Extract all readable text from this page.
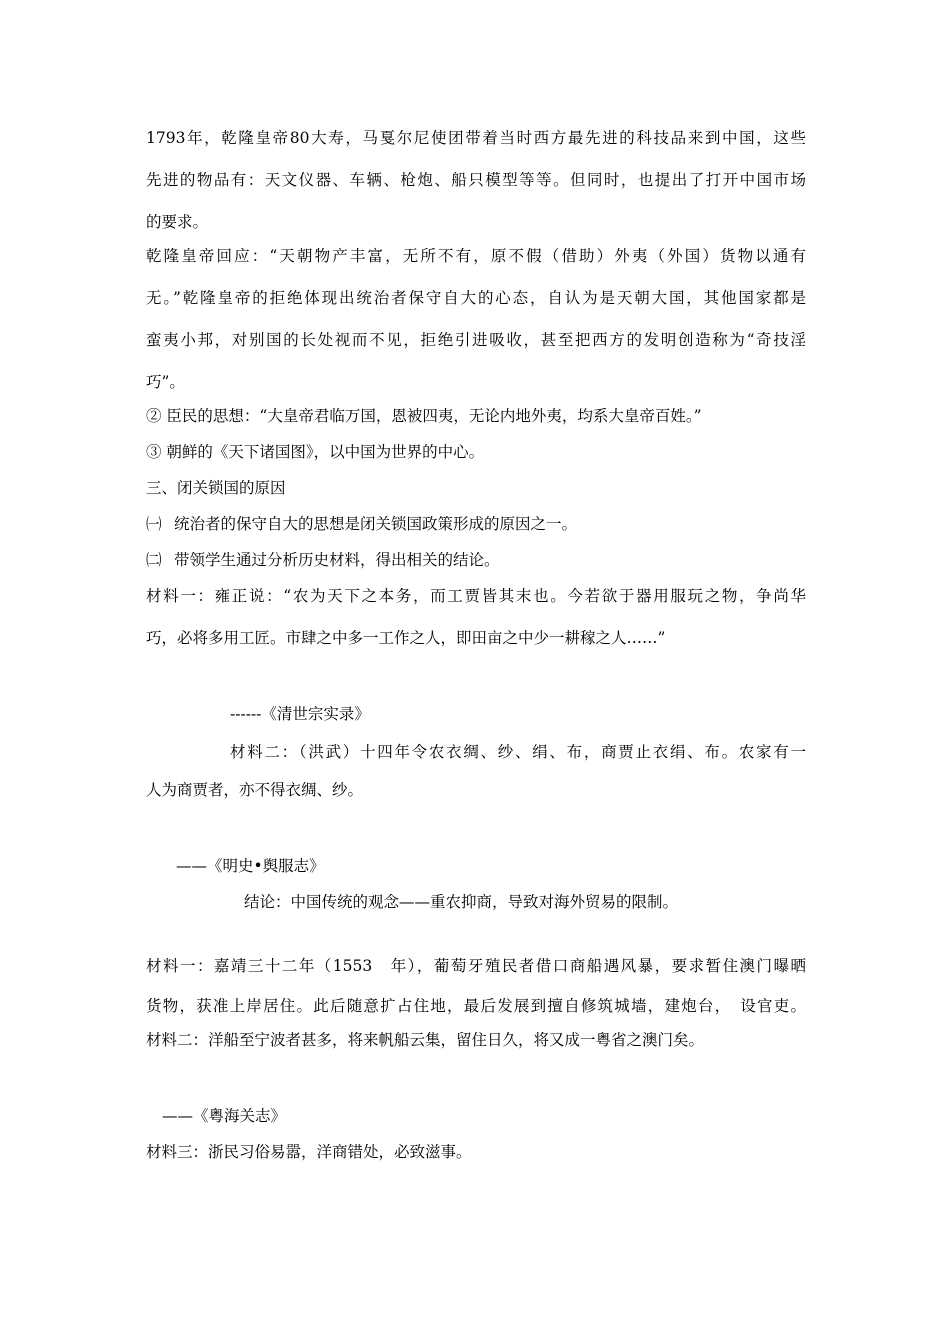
1793年，乾隆皇帝80大寿，马戛尔尼使团带着当时西方最先进的科技品来到中国，这些
先进的物品有：天文仪器、车辆、枪炮、船只模型等等。但同时，也提出了打开中国市场
的要求。
乾隆皇帝回应：“天朝物产丰富，无所不有，原不假（借助）外夷（外国）货物以通有
无。”乾隆皇帝的拒绝体现出统治者保守自大的心态，自认为是天朝大国，其他国家都是
蛮夷小邦，对别国的长处视而不见，拒绝引进吸收，甚至把西方的发明创造称为“奇技淫
巧”。
② 臣民的思想：“大皇帝君临万国，恩被四夷，无论内地外夷，均系大皇帝百姓。”
③ 朝鲜的《天下诸国图》，以中国为世界的中心。
三、闭关锁国的原因
㈠ 统治者的保守自大的思想是闭关锁国政策形成的原因之一。
㈡ 带领学生通过分析历史材料，得出相关的结论。
材料一：雍正说：“农为天下之本务，而工贾皆其末也。今若欲于器用服玩之物，争尚华
巧，必将多用工匠。市肆之中多一工作之人，即田亩之中少一耕稼之人……”
------《清世宗实录》
材料二：（洪武）十四年令农衣绸、纱、绢、布，商贾止衣绢、布。农家有一
人为商贾者，亦不得衣绸、纱。
——《明史•舆服志》
结论：中国传统的观念——重农抑商，导致对海外贸易的限制。
材料一：嘉靖三十二年（1553　年），葡萄牙殖民者借口商船遇风暴，要求暂住澳门曝晒
货物，获准上岸居住。此后随意扩占住地，最后发展到擅自修筑城墙，建炮台，　设官吏。
材料二：洋船至宁波者甚多，将来帆船云集，留住日久，将又成一粤省之澳门矣。
——《粤海关志》
材料三：浙民习俗易嚣，洋商错处，必致滋事。
